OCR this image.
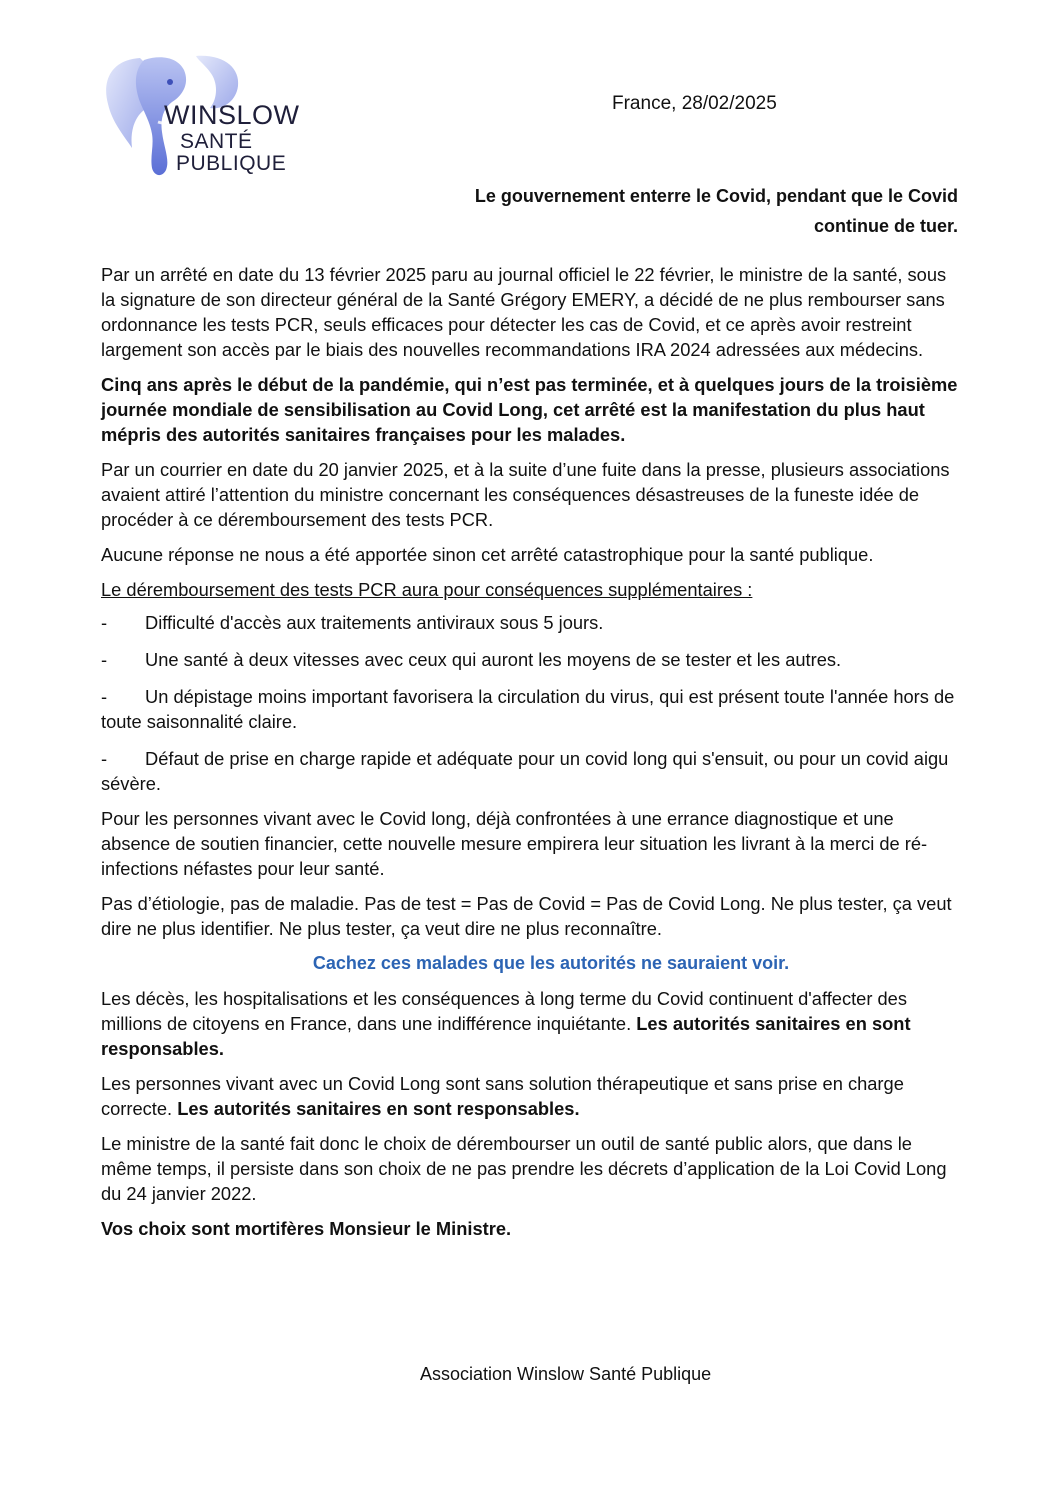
WINSLOW
SANTÉ
PUBLIQUE
France, 28/02/2025
Le gouvernement enterre le Covid, pendant que le Covid continue de tuer.

Par un arrêté en date du 13 février 2025 paru au journal officiel le 22 février, le ministre de la santé, sous la signature de son directeur général de la Santé Grégory EMERY, a décidé de ne plus rembourser sans ordonnance les tests PCR, seuls efficaces pour détecter les cas de Covid, et ce après avoir restreint largement son accès par le biais des nouvelles recommandations IRA 2024 adressées aux médecins.

Cinq ans après le début de la pandémie, qui n’est pas terminée, et à quelques jours de la troisième journée mondiale de sensibilisation au Covid Long, cet arrêté est la manifestation du plus haut mépris des autorités sanitaires françaises pour les malades.

Par un courrier en date du 20 janvier 2025, et à la suite d’une fuite dans la presse, plusieurs associations avaient attiré l’attention du ministre concernant les conséquences désastreuses de la funeste idée de procéder à ce déremboursement des tests PCR.

Aucune réponse ne nous a été apportée sinon cet arrêté catastrophique pour la santé publique.

Le déremboursement des tests PCR aura pour conséquences supplémentaires :

- Difficulté d'accès aux traitements antiviraux sous 5 jours.

- Une santé à deux vitesses avec ceux qui auront les moyens de se tester et les autres.

- Un dépistage moins important favorisera la circulation du virus, qui est présent toute l'année hors de toute saisonnalité claire.

- Défaut de prise en charge rapide et adéquate pour un covid long qui s'ensuit, ou pour un covid aigu sévère.

Pour les personnes vivant avec le Covid long, déjà confrontées à une errance diagnostique et une absence de soutien financier, cette nouvelle mesure empirera leur situation les livrant à la merci de ré-infections néfastes pour leur santé.

Pas d’étiologie, pas de maladie. Pas de test = Pas de Covid = Pas de Covid Long. Ne plus tester, ça veut dire ne plus identifier. Ne plus tester, ça veut dire ne plus reconnaître.

Cachez ces malades que les autorités ne sauraient voir.

Les décès, les hospitalisations et les conséquences à long terme du Covid continuent d'affecter des millions de citoyens en France, dans une indifférence inquiétante. Les autorités sanitaires en sont responsables.

Les personnes vivant avec un Covid Long sont sans solution thérapeutique et sans prise en charge correcte. Les autorités sanitaires en sont responsables.

Le ministre de la santé fait donc le choix de dérembourser un outil de santé public alors, que dans le même temps, il persiste dans son choix de ne pas prendre les décrets d’application de la Loi Covid Long du 24 janvier 2022.

Vos choix sont mortifères Monsieur le Ministre.

Association Winslow Santé Publique
